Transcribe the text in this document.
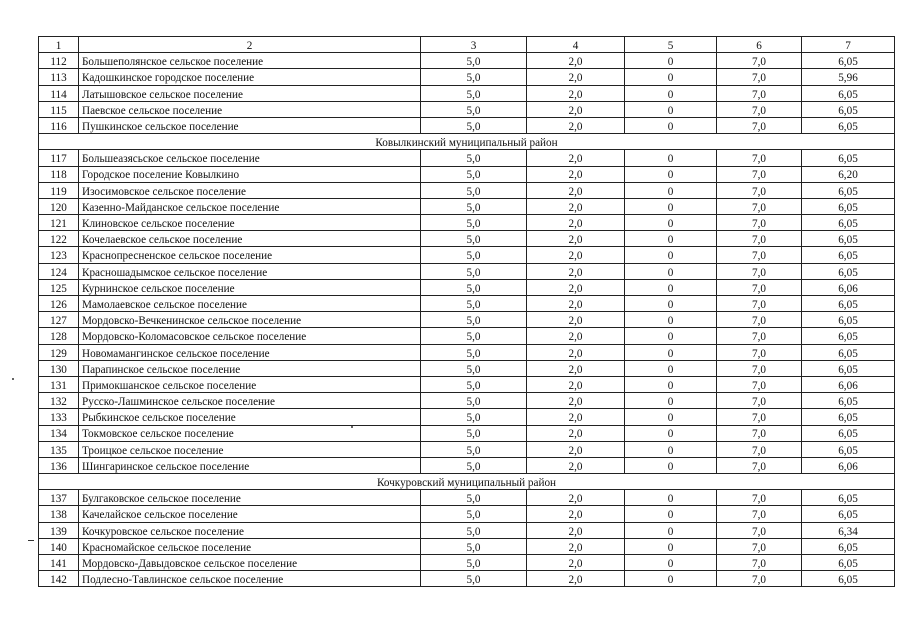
1	2	3	4	5	6	7
112	Большеполянское сельское поселение	5,0	2,0	0	7,0	6,05
113	Кадошкинское городское поселение	5,0	2,0	0	7,0	5,96
114	Латышовское сельское поселение	5,0	2,0	0	7,0	6,05
115	Паевское сельское поселение	5,0	2,0	0	7,0	6,05
116	Пушкинское сельское поселение	5,0	2,0	0	7,0	6,05
Ковылкинский муниципальный район						
117	Большеазясьское сельское поселение	5,0	2,0	0	7,0	6,05
118	Городское поселение Ковылкино	5,0	2,0	0	7,0	6,20
119	Изосимовское сельское поселение	5,0	2,0	0	7,0	6,05
120	Казенно-Майданское сельское поселение	5,0	2,0	0	7,0	6,05
121	Клиновское сельское поселение	5,0	2,0	0	7,0	6,05
122	Кочелаевское сельское поселение	5,0	2,0	0	7,0	6,05
123	Краснопресненское сельское поселение	5,0	2,0	0	7,0	6,05
124	Красношадымское сельское поселение	5,0	2,0	0	7,0	6,05
125	Курнинское сельское поселение	5,0	2,0	0	7,0	6,06
126	Мамолаевское сельское поселение	5,0	2,0	0	7,0	6,05
127	Мордовско-Вечкенинское сельское поселение	5,0	2,0	0	7,0	6,05
128	Мордовско-Коломасовское сельское поселение	5,0	2,0	0	7,0	6,05
129	Новомамангинское сельское поселение	5,0	2,0	0	7,0	6,05
130	Парапинское сельское поселение	5,0	2,0	0	7,0	6,05
131	Примокшанское сельское поселение	5,0	2,0	0	7,0	6,06
132	Русско-Лашминское сельское поселение	5,0	2,0	0	7,0	6,05
133	Рыбкинское сельское поселение	5,0	2,0	0	7,0	6,05
134	Токмовское сельское поселение	5,0	2,0	0	7,0	6,05
135	Троицкое сельское поселение	5,0	2,0	0	7,0	6,05
136	Шингаринское сельское поселение	5,0	2,0	0	7,0	6,06
Кочкуровский муниципальный район						
137	Булгаковское сельское поселение	5,0	2,0	0	7,0	6,05
138	Качелайское сельское поселение	5,0	2,0	0	7,0	6,05
139	Кочкуровское сельское поселение	5,0	2,0	0	7,0	6,34
140	Красномайское сельское поселение	5,0	2,0	0	7,0	6,05
141	Мордовско-Давыдовское сельское поселение	5,0	2,0	0	7,0	6,05
142	Подлесно-Тавлинское сельское поселение	5,0	2,0	0	7,0	6,05
